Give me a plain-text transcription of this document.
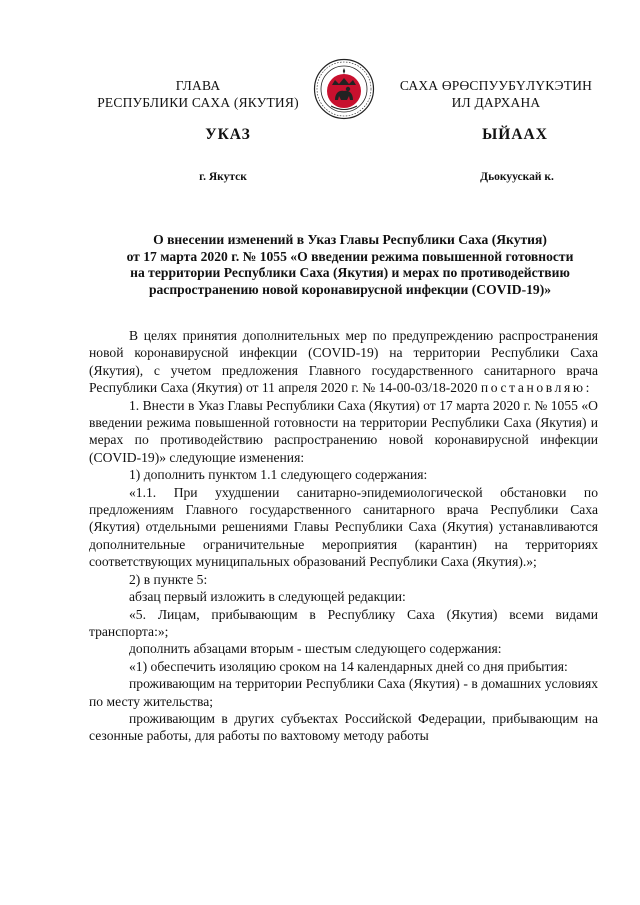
ГЛАВА
РЕСПУБЛИКИ САХА (ЯКУТИЯ)
САХА ӨРӨСПУУБҮЛҮКЭТИН
ИЛ ДАРХАНА
УКАЗ	ЫЙААХ
г. Якутск	Дьокуускай к.
О внесении изменений в Указ Главы Республики Саха (Якутия)
от 17 марта 2020 г. № 1055 «О введении режима повышенной готовности
на территории Республики Саха (Якутия) и мерах по противодействию
распространению новой коронавирусной инфекции (COVID-19)»

В целях принятия дополнительных мер по предупреждению распространения новой коронавирусной инфекции (COVID-19) на территории Республики Саха (Якутия), с учетом предложения Главного государственного санитарного врача Республики Саха (Якутия) от 11 апреля 2020 г. № 14-00-03/18-2020 постановляю:

1. Внести в Указ Главы Республики Саха (Якутия) от 17 марта 2020 г. № 1055 «О введении режима повышенной готовности на территории Республики Саха (Якутия) и мерах по противодействию распространению новой коронавирусной инфекции (COVID-19)» следующие изменения:

1) дополнить пунктом 1.1 следующего содержания:

«1.1. При ухудшении санитарно-эпидемиологической обстановки по предложениям Главного государственного санитарного врача Республики Саха (Якутия) отдельными решениями Главы Республики Саха (Якутия) устанавливаются дополнительные ограничительные мероприятия (карантин) на территориях соответствующих муниципальных образований Республики Саха (Якутия).»;

2) в пункте 5:

абзац первый изложить в следующей редакции:

«5. Лицам, прибывающим в Республику Саха (Якутия) всеми видами транспорта:»;

дополнить абзацами вторым - шестым следующего содержания:

«1) обеспечить изоляцию сроком на 14 календарных дней со дня прибытия:

проживающим на территории Республики Саха (Якутия) - в домашних условиях по месту жительства;

проживающим в других субъектах Российской Федерации, прибывающим на сезонные работы, для работы по вахтовому методу работы
